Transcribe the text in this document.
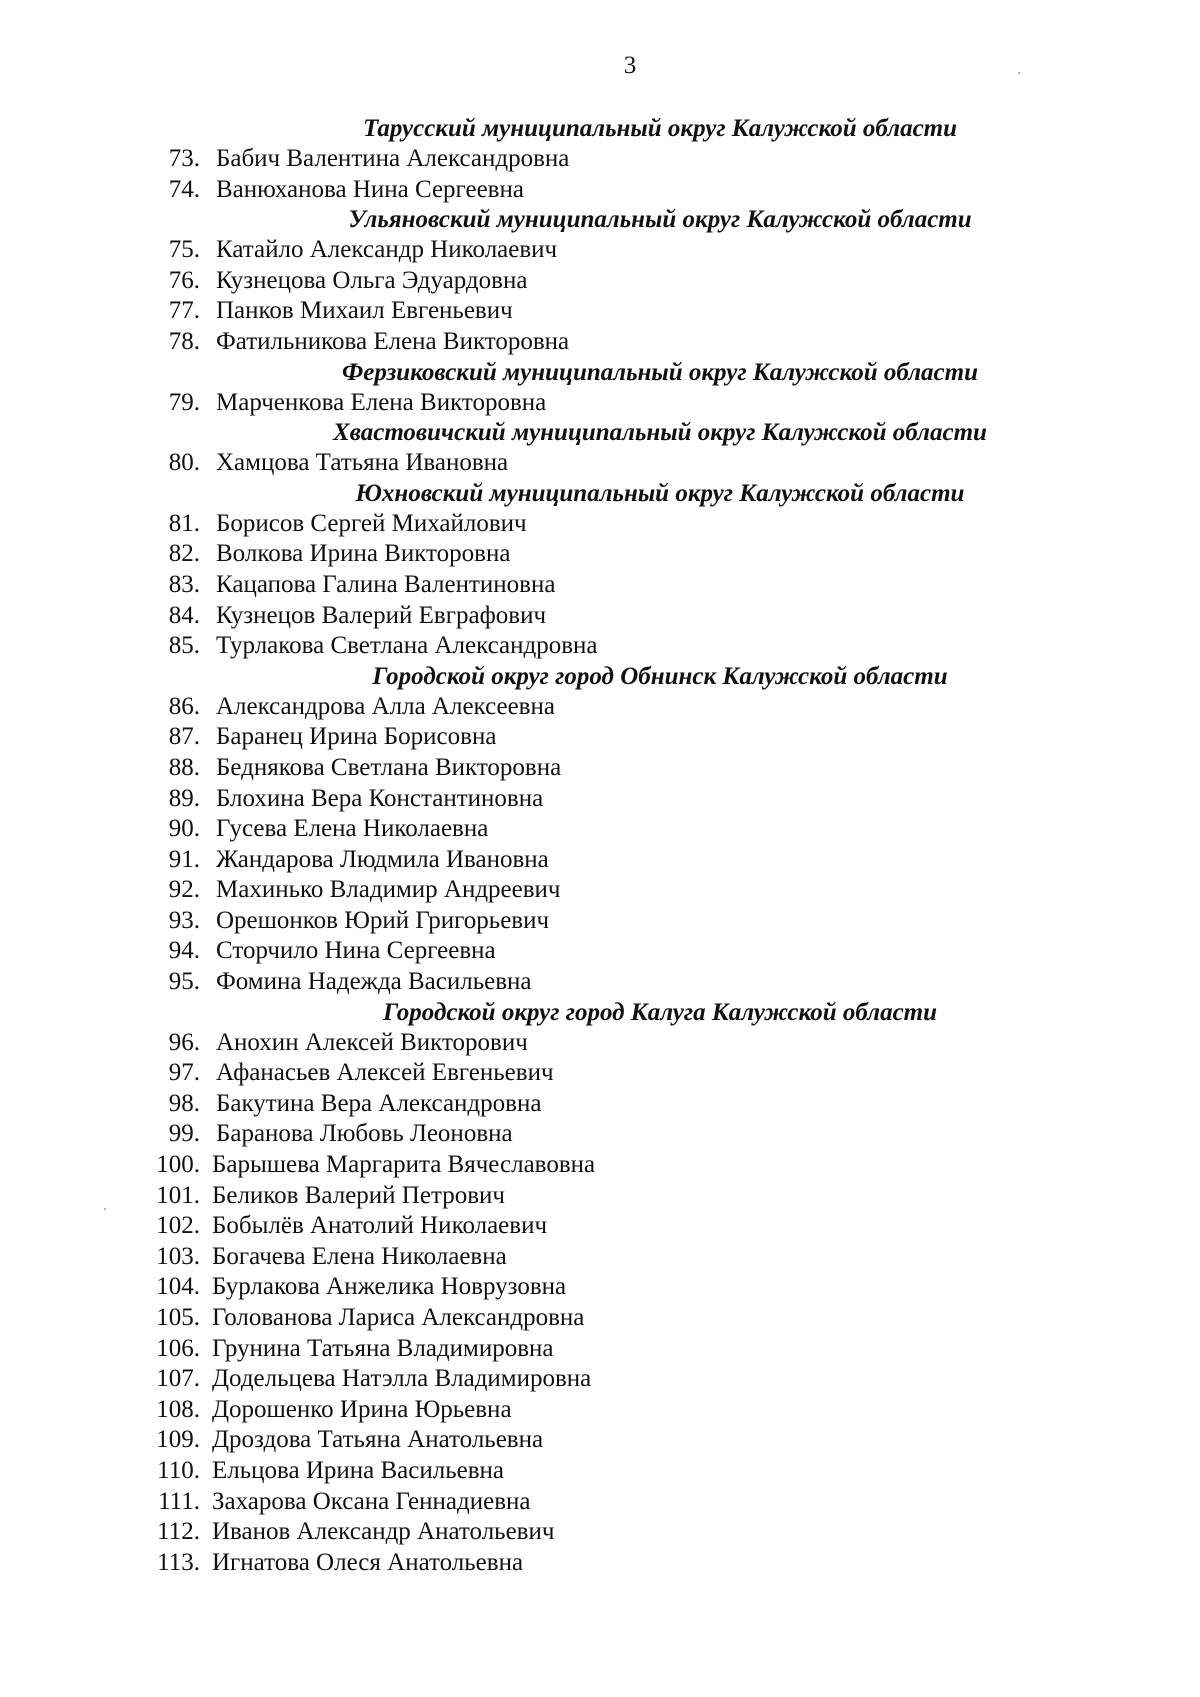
3
Тарусский муниципальный округ Калужской области
73. Бабич Валентина Александровна
74. Ванюханова Нина Сергеевна
Ульяновский муниципальный округ Калужской области
75. Катайло Александр Николаевич
76. Кузнецова Ольга Эдуардовна
77. Панков Михаил Евгеньевич
78. Фатильникова Елена Викторовна
Ферзиковский муниципальный округ Калужской области
79. Марченкова Елена Викторовна
Хвастовичский муниципальный округ Калужской области
80. Хамцова Татьяна Ивановна
Юхновский муниципальный округ Калужской области
81. Борисов Сергей Михайлович
82. Волкова Ирина Викторовна
83. Кацапова Галина Валентиновна
84. Кузнецов Валерий Евграфович
85. Турлакова Светлана Александровна
Городской округ город Обнинск Калужской области
86. Александрова Алла Алексеевна
87. Баранец Ирина Борисовна
88. Беднякова Светлана Викторовна
89. Блохина Вера Константиновна
90. Гусева Елена Николаевна
91. Жандарова Людмила Ивановна
92. Махинько Владимир Андреевич
93. Орешонков Юрий Григорьевич
94. Сторчило Нина Сергеевна
95. Фомина Надежда Васильевна
Городской округ город Калуга Калужской области
96. Анохин Алексей Викторович
97. Афанасьев Алексей Евгеньевич
98. Бакутина Вера Александровна
99. Баранова Любовь Леоновна
100. Барышева Маргарита Вячеславовна
101. Беликов Валерий Петрович
102. Бобылёв Анатолий Николаевич
103. Богачева Елена Николаевна
104. Бурлакова Анжелика Новрузовна
105. Голованова Лариса Александровна
106. Грунина Татьяна Владимировна
107. Додельцева Натэлла Владимировна
108. Дорошенко Ирина Юрьевна
109. Дроздова Татьяна Анатольевна
110. Ельцова Ирина Васильевна
111. Захарова Оксана Геннадиевна
112. Иванов Александр Анатольевич
113. Игнатова Олеся Анатольевна
